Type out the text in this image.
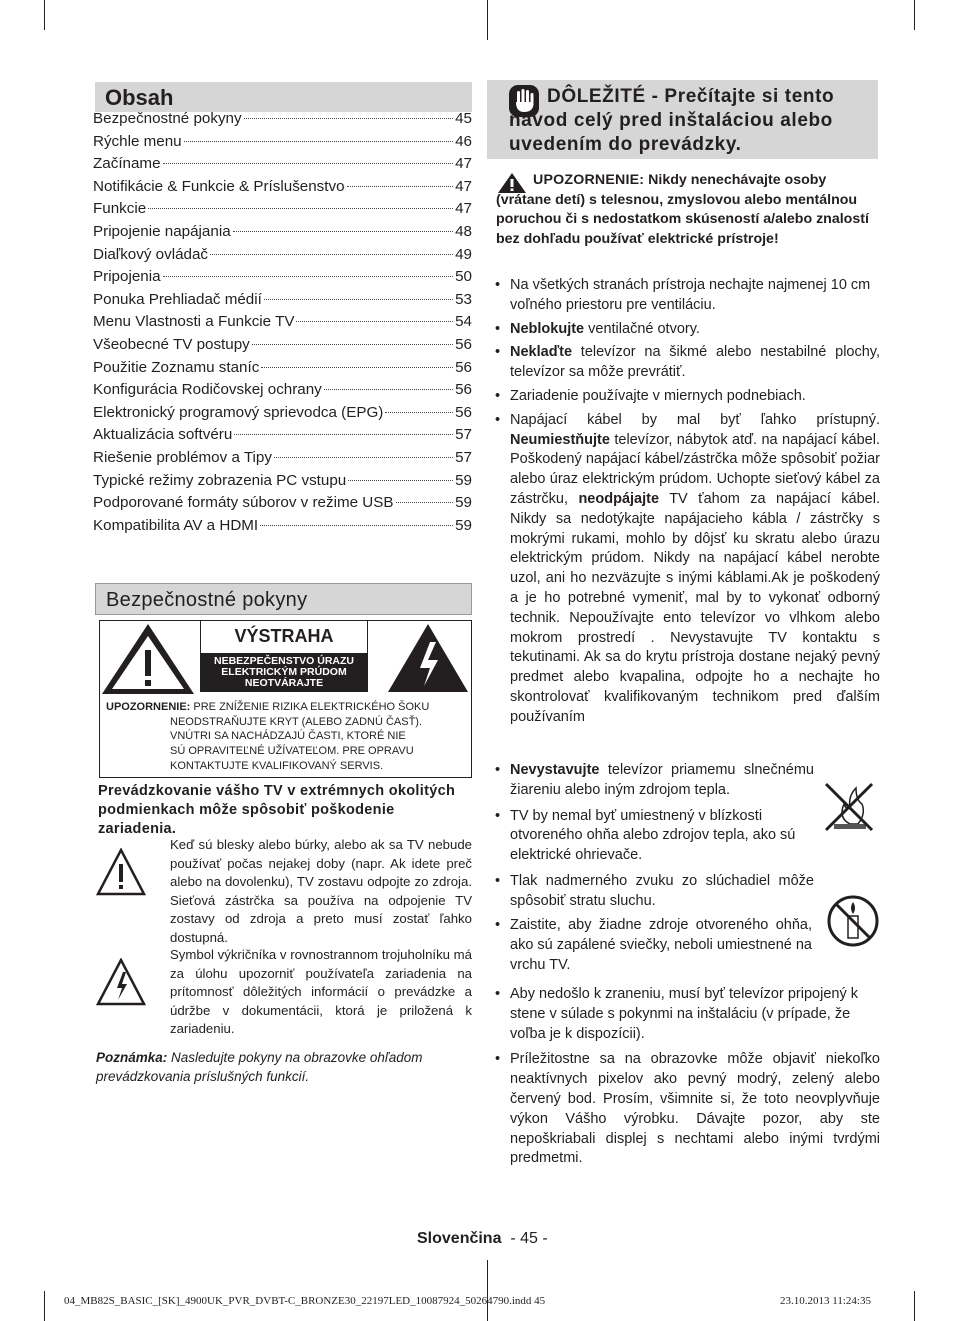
Obsah
Bezpečnostné pokyny	45
Rýchle menu	46
Začíname	47
Notifikácie & Funkcie & Príslušenstvo	47
Funkcie	47
Pripojenie napájania	48
Diaľkový ovládač	49
Pripojenia	50
Ponuka Prehliadač médií	53
Menu Vlastnosti a Funkcie TV	54
Všeobecné TV postupy	56
Použitie Zoznamu staníc	56
Konfigurácia Rodičovskej ochrany	56
Elektronický programový sprievodca (EPG)	56
Aktualizácia softvéru	57
Riešenie problémov a Tipy	57
Typické režimy zobrazenia PC vstupu	59
Podporované formáty súborov v režime USB	59
Kompatibilita AV a HDMI	59
Bezpečnostné pokyny
VÝSTRAHA
NEBEZPEČENSTVO ÚRAZU
ELEKTRICKÝM PRÚDOM
NEOTVÁRAJTE
UPOZORNENIE: PRE ZNÍŽENIE RIZIKA ELEKTRICKÉHO ŠOKU
NEODSTRAŇUJTE KRYT (ALEBO ZADNÚ ČASŤ).
VNÚTRI SA NACHÁDZAJÚ ČASTI, KTORÉ NIE
SÚ OPRAVITEĽNÉ UŽÍVATEĽOM. PRE OPRAVU
KONTAKTUJTE KVALIFIKOVANÝ SERVIS.
Prevádzkovanie vášho TV v extrémnych okolitých podmienkach môže spôsobiť poškodenie zariadenia.
Keď sú blesky alebo búrky, alebo ak sa TV nebude používať počas nejakej doby (napr. Ak idete preč alebo na dovolenku), TV zostavu odpojte zo zdroja. Sieťová zástrčka sa používa na odpojenie TV zostavy od zdroja a preto musí zostať ľahko dostupná.
Symbol výkričníka v rovnostrannom trojuholníku má za úlohu upozorniť používateľa zariadenia na prítomnosť dôležitých informácií o prevádzke a údržbe v dokumentácii, ktorá je priložená k zariadeniu.
Poznámka: Nasledujte pokyny na obrazovke ohľadom prevádzkovania príslušných funkcií.
DÔLEŽITÉ - Prečítajte si tento návod celý pred inštaláciou alebo uvedením do prevádzky.
UPOZORNENIE: Nikdy nenechávajte osoby (vrátane detí) s telesnou, zmyslovou alebo mentálnou poruchou či s nedostatkom skúseností a/alebo znalostí bez dohľadu používať elektrické prístroje!
• Na všetkých stranách prístroja nechajte najmenej 10 cm voľného priestoru pre ventiláciu.
• Neblokujte ventilačné otvory.
• Neklaďte televízor na šikmé alebo nestabilné plochy, televízor sa môže prevrátiť.
• Zariadenie používajte v miernych podnebiach.
• Napájací kábel by mal byť ľahko prístupný. Neumiestňujte televízor, nábytok atď. na napájací kábel. Poškodený napájací kábel/zástrčka môže spôsobiť požiar alebo úraz elektrickým prúdom. Uchopte sieťový kábel za zástrčku, neodpájajte TV ťahom za napájací kábel. Nikdy sa nedotýkajte napájacieho kábla / zástrčky s mokrými rukami, mohlo by dôjsť ku skratu alebo úrazu elektrickým prúdom. Nikdy na napájací kábel nerobte uzol, ani ho nezväzujte s inými káblami.Ak je poškodený a je ho potrebné vymeniť, mal by to vykonať odborný technik. Nepoužívajte ento televízor vo vlhkom alebo mokrom prostredí . Nevystavujte TV kontaktu s tekutinami. Ak sa do krytu prístroja dostane nejaký pevný predmet alebo kvapalina, odpojte ho a nechajte ho skontrolovať kvalifikovaným technikom pred ďalším používaním
• Nevystavujte televízor priamemu slnečnému žiareniu alebo iným zdrojom tepla.
• TV by nemal byť umiestnený v blízkosti otvoreného ohňa alebo zdrojov tepla, ako sú elektrické ohrievače.
• Tlak nadmerného zvuku zo slúchadiel môže spôsobiť stratu sluchu.
• Zaistite, aby žiadne zdroje otvoreného ohňa, ako sú zapálené sviečky, neboli umiestnené na vrchu TV.
• Aby nedošlo k zraneniu, musí byť televízor pripojený k stene v súlade s pokynmi na inštaláciu (v prípade, že voľba je k dispozícii).
• Príležitostne sa na obrazovke môže objaviť niekoľko neaktívnych pixelov ako pevný modrý, zelený alebo červený bod. Prosím, všimnite si, že toto neovplyvňuje výkon Vášho výrobku. Dávajte pozor, aby ste nepoškriabali displej s nechtami alebo inými tvrdými predmetmi.
Slovenčina - 45 -
04_MB82S_BASIC_[SK]_4900UK_PVR_DVBT-C_BRONZE30_22197LED_10087924_50264790.indd 45	23.10.2013 11:24:35
